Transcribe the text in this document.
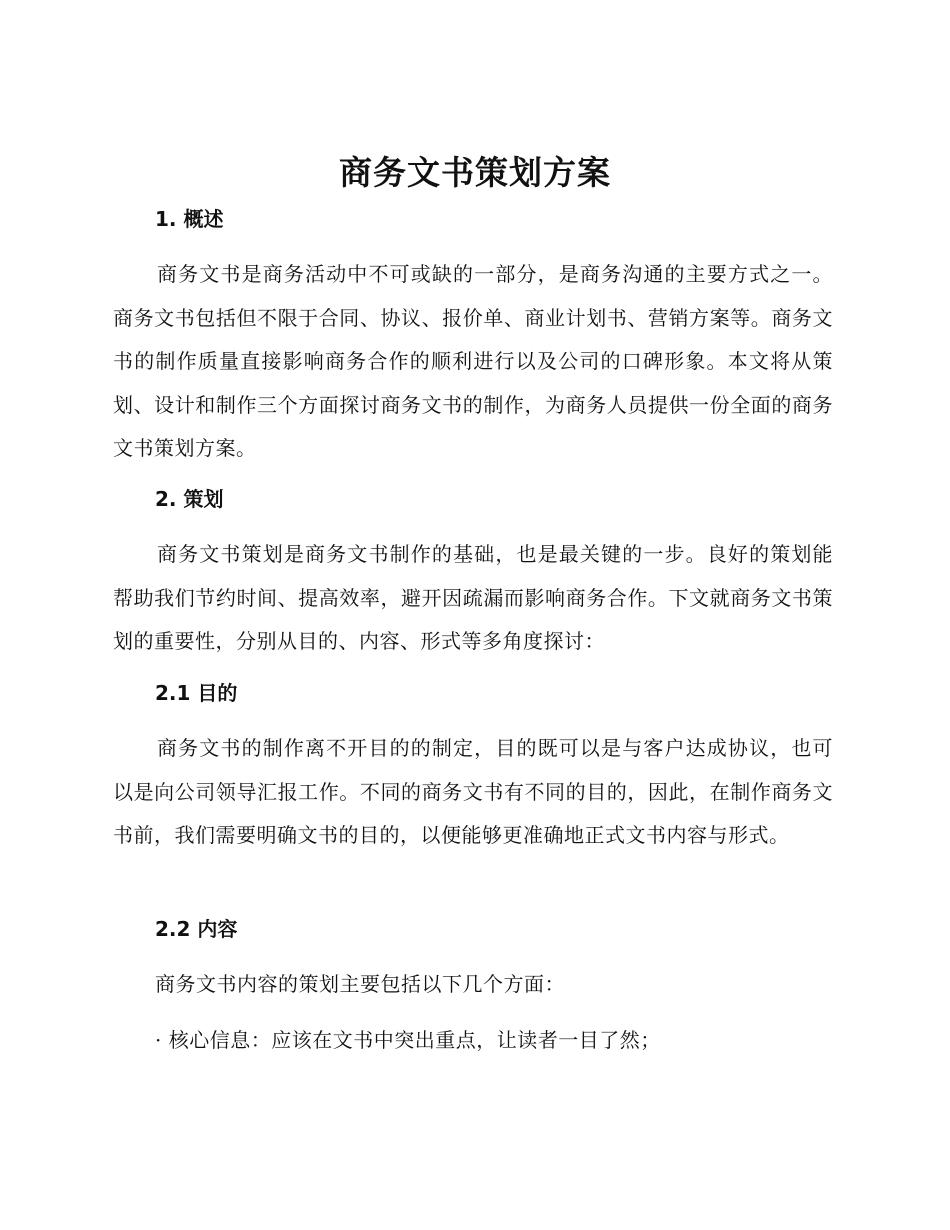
商务文书策划方案
1. 概述

商务文书是商务活动中不可或缺的一部分，是商务沟通的主要方式之一。商务文书包括但不限于合同、协议、报价单、商业计划书、营销方案等。商务文书的制作质量直接影响商务合作的顺利进行以及公司的口碑形象。本文将从策划、设计和制作三个方面探讨商务文书的制作，为商务人员提供一份全面的商务文书策划方案。

2. 策划

商务文书策划是商务文书制作的基础，也是最关键的一步。良好的策划能帮助我们节约时间、提高效率，避开因疏漏而影响商务合作。下文就商务文书策划的重要性，分别从目的、内容、形式等多角度探讨：

2.1 目的

商务文书的制作离不开目的的制定，目的既可以是与客户达成协议，也可以是向公司领导汇报工作。不同的商务文书有不同的目的，因此，在制作商务文书前，我们需要明确文书的目的，以便能够更准确地正式文书内容与形式。

2.2 内容

商务文书内容的策划主要包括以下几个方面：

· 核心信息：应该在文书中突出重点，让读者一目了然；
